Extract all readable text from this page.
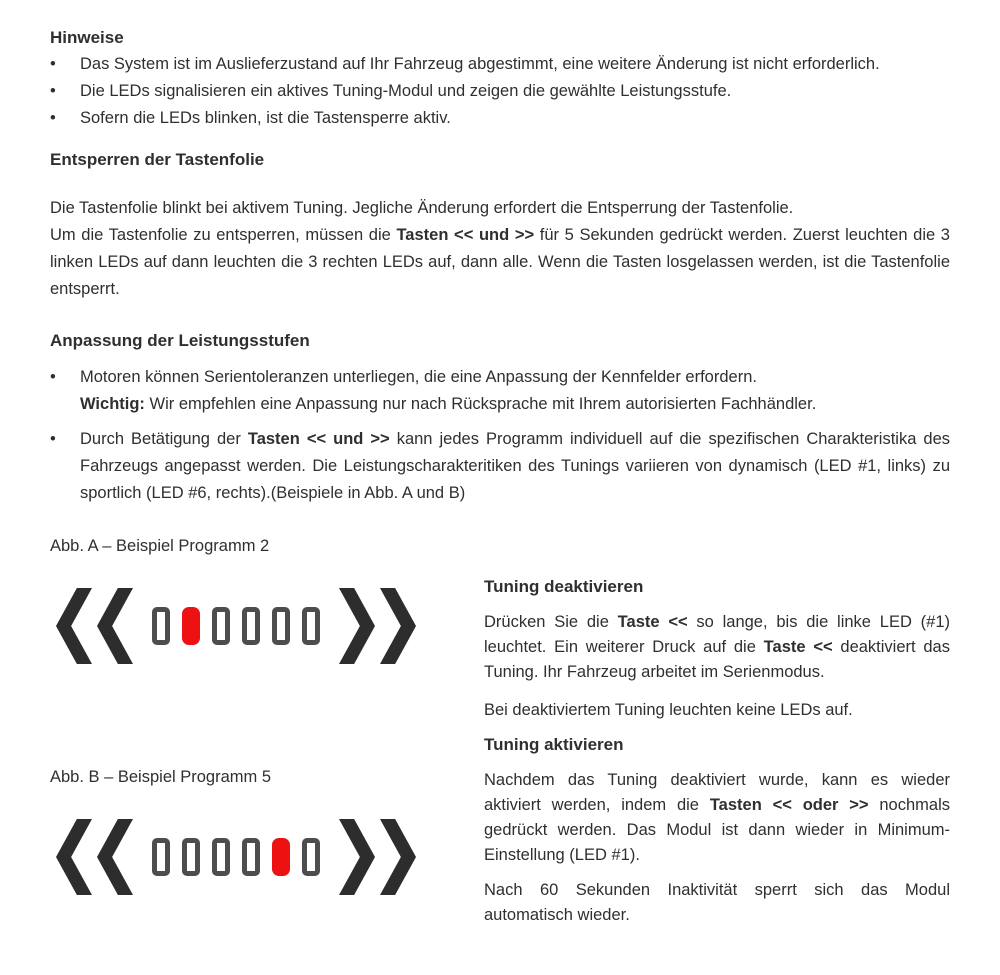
Hinweise
•	Das System ist im Auslieferzustand auf Ihr Fahrzeug abgestimmt, eine weitere Änderung ist nicht erforderlich.
•	Die LEDs signalisieren ein aktives Tuning-Modul und zeigen die gewählte Leistungsstufe.
•	Sofern die LEDs blinken, ist die Tastensperre aktiv.
Entsperren der Tastenfolie
Die Tastenfolie blinkt bei aktivem Tuning. Jegliche Änderung erfordert die Entsperrung der Tastenfolie.
Um die Tastenfolie zu entsperren, müssen die Tasten << und >> für 5 Sekunden gedrückt werden. Zuerst leuchten die 3 linken LEDs auf dann leuchten die 3 rechten LEDs auf, dann alle. Wenn die Tasten losgelassen werden, ist die Tastenfolie entsperrt.
Anpassung der Leistungsstufen
•	Motoren können Serientoleranzen unterliegen, die eine Anpassung der Kennfelder erfordern.
Wichtig: Wir empfehlen eine Anpassung nur nach Rücksprache mit Ihrem autorisierten Fachhändler.
•	Durch Betätigung der Tasten << und >> kann jedes Programm individuell auf die spezifischen Charakteristika des Fahrzeugs angepasst werden. Die Leistungscharakteritiken des Tunings variieren von dynamisch (LED #1, links) zu sportlich (LED #6, rechts).(Beispiele in Abb. A und B)
Abb. A – Beispiel Programm 2
Abb. B – Beispiel Programm 5
Tuning deaktivieren

Drücken Sie die Taste << so lange, bis die linke LED (#1) leuchtet. Ein weiterer Druck auf die Taste << deaktiviert das Tuning. Ihr Fahrzeug arbeitet im Serienmodus.

Bei deaktiviertem Tuning leuchten keine LEDs auf.

Tuning aktivieren

Nachdem das Tuning deaktiviert wurde, kann es wieder aktiviert werden, indem die Tasten << oder >> nochmals gedrückt werden. Das Modul ist dann wieder in Minimum-Einstellung (LED #1).

Nach 60 Sekunden Inaktivität sperrt sich das Modul automatisch wieder.
